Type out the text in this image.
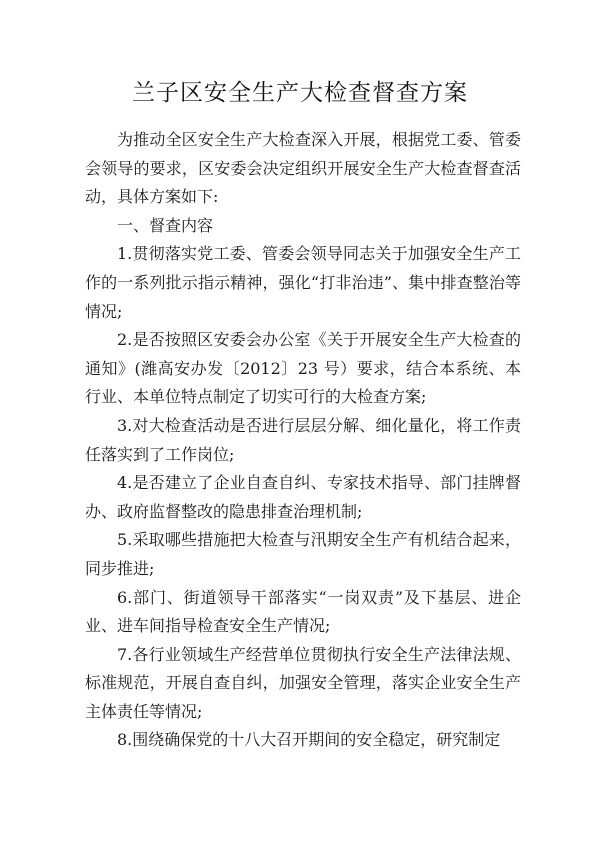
兰子区安全生产大检查督查方案

为推动全区安全生产大检查深入开展，根据党工委、管委会领导的要求，区安委会决定组织开展安全生产大检查督查活动，具体方案如下:

一、督查内容

1.贯彻落实党工委、管委会领导同志关于加强安全生产工作的一系列批示指示精神，强化“打非治违”、集中排查整治等情况;

2.是否按照区安委会办公室《关于开展安全生产大检查的通知》(潍高安办发〔2012〕23 号）要求，结合本系统、本行业、本单位特点制定了切实可行的大检查方案;

3.对大检查活动是否进行层层分解、细化量化，将工作责任落实到了工作岗位;

4.是否建立了企业自查自纠、专家技术指导、部门挂牌督办、政府监督整改的隐患排查治理机制;

5.采取哪些措施把大检查与汛期安全生产有机结合起来，同步推进;

6.部门、街道领导干部落实“一岗双责”及下基层、进企业、进车间指导检查安全生产情况;

7.各行业领域生产经营单位贯彻执行安全生产法律法规、标准规范，开展自查自纠，加强安全管理，落实企业安全生产主体责任等情况;

8.围绕确保党的十八大召开期间的安全稳定，研究制定
